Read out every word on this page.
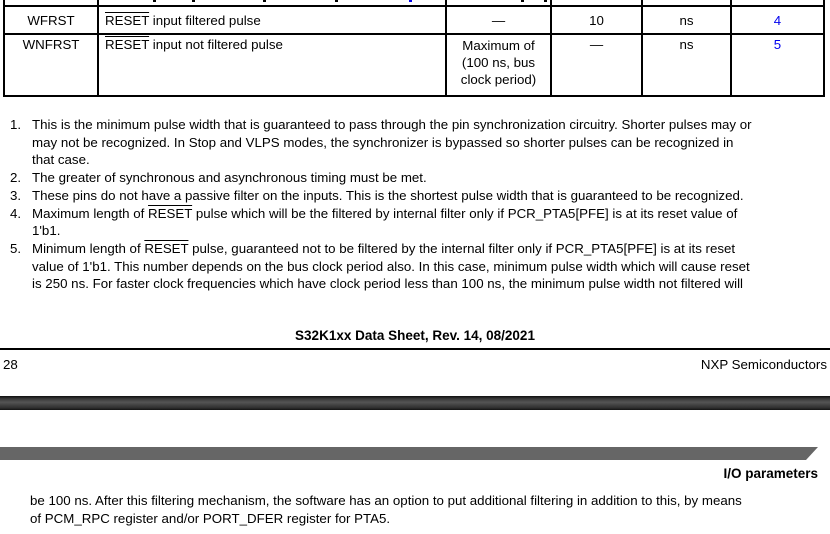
WFRST	RESET input filtered pulse	—	10	ns	4
WNFRST	RESET input not filtered pulse	Maximum of
(100 ns, bus
clock period)	—	ns	5
1. This is the minimum pulse width that is guaranteed to pass through the pin synchronization circuitry. Shorter pulses may or
may not be recognized. In Stop and VLPS modes, the synchronizer is bypassed so shorter pulses can be recognized in
that case.
2. The greater of synchronous and asynchronous timing must be met.
3. These pins do not have a passive filter on the inputs. This is the shortest pulse width that is guaranteed to be recognized.
4. Maximum length of RESET pulse which will be the filtered by internal filter only if PCR_PTA5[PFE] is at its reset value of
1'b1.
5. Minimum length of RESET pulse, guaranteed not to be filtered by the internal filter only if PCR_PTA5[PFE] is at its reset
value of 1'b1. This number depends on the bus clock period also. In this case, minimum pulse width which will cause reset
is 250 ns. For faster clock frequencies which have clock period less than 100 ns, the minimum pulse width not filtered will
S32K1xx Data Sheet, Rev. 14, 08/2021
28	NXP Semiconductors
I/O parameters
be 100 ns. After this filtering mechanism, the software has an option to put additional filtering in addition to this, by means
of PCM_RPC register and/or PORT_DFER register for PTA5.
